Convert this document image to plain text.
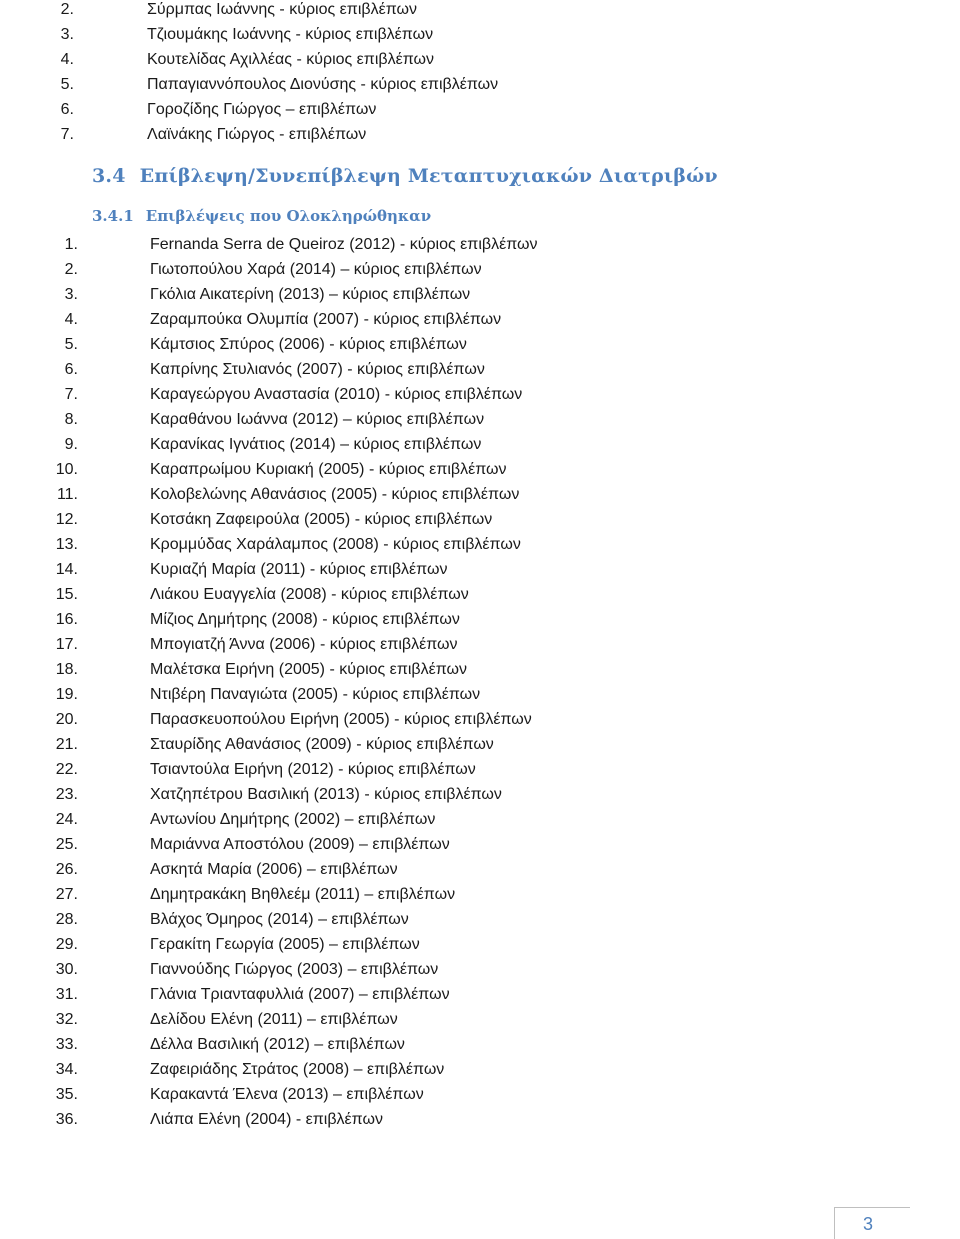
2.	Σύρμπας Ιωάννης - κύριος επιβλέπων
3.	Τζιουμάκης Ιωάννης - κύριος επιβλέπων
4.	Κουτελίδας Αχιλλέας - κύριος επιβλέπων
5.	Παπαγιαννόπουλος Διονύσης - κύριος επιβλέπων
6.	Γοροζίδης Γιώργος – επιβλέπων
7.	Λαϊνάκης Γιώργος - επιβλέπων
3.4 Επίβλεψη/Συνεπίβλεψη Μεταπτυχιακών Διατριβών
3.4.1 Επιβλέψεις που Ολοκληρώθηκαν
1.	Fernanda Serra de Queiroz (2012) - κύριος επιβλέπων
2.	Γιωτοπούλου Χαρά (2014) – κύριος επιβλέπων
3.	Γκόλια Αικατερίνη (2013) – κύριος επιβλέπων
4.	Ζαραμπούκα Ολυμπία (2007) - κύριος επιβλέπων
5.	Κάμτσιος Σπύρος (2006) - κύριος επιβλέπων
6.	Καπρίνης Στυλιανός (2007) - κύριος επιβλέπων
7.	Καραγεώργου Αναστασία (2010) - κύριος επιβλέπων
8.	Καραθάνου Ιωάννα (2012) – κύριος επιβλέπων
9.	Καρανίκας Ιγνάτιος (2014) – κύριος επιβλέπων
10.	Καραπρωίμου Κυριακή (2005) - κύριος επιβλέπων
11.	Κολοβελώνης Αθανάσιος (2005) - κύριος επιβλέπων
12.	Κοτσάκη Ζαφειρούλα (2005) - κύριος επιβλέπων
13.	Κρομμύδας Χαράλαμπος (2008) - κύριος επιβλέπων
14.	Κυριαζή Μαρία (2011) - κύριος επιβλέπων
15.	Λιάκου Ευαγγελία (2008) - κύριος επιβλέπων
16.	Μίζιος Δημήτρης (2008) - κύριος επιβλέπων
17.	Μπογιατζή Άννα (2006) - κύριος επιβλέπων
18.	Μαλέτσκα Ειρήνη (2005) - κύριος επιβλέπων
19.	Ντιβέρη Παναγιώτα (2005) - κύριος επιβλέπων
20.	Παρασκευοπούλου Ειρήνη (2005) - κύριος επιβλέπων
21.	Σταυρίδης Αθανάσιος (2009) - κύριος επιβλέπων
22.	Τσιαντούλα Ειρήνη (2012) - κύριος επιβλέπων
23.	Χατζηπέτρου Βασιλική (2013) - κύριος επιβλέπων
24.	Αντωνίου Δημήτρης (2002) – επιβλέπων
25.	Μαριάννα Αποστόλου (2009) – επιβλέπων
26.	Ασκητά Μαρία (2006) – επιβλέπων
27.	Δημητρακάκη Βηθλεέμ (2011) – επιβλέπων
28.	Βλάχος Όμηρος (2014) – επιβλέπων
29.	Γερακίτη Γεωργία (2005) – επιβλέπων
30.	Γιαννούδης Γιώργος (2003) – επιβλέπων
31.	Γλάνια Τριανταφυλλιά (2007) – επιβλέπων
32.	Δελίδου Ελένη (2011) – επιβλέπων
33.	Δέλλα Βασιλική (2012) – επιβλέπων
34.	Ζαφειριάδης Στράτος (2008) – επιβλέπων
35.	Καρακαντά Έλενα (2013) – επιβλέπων
36.	Λιάπα Ελένη (2004) - επιβλέπων
3
